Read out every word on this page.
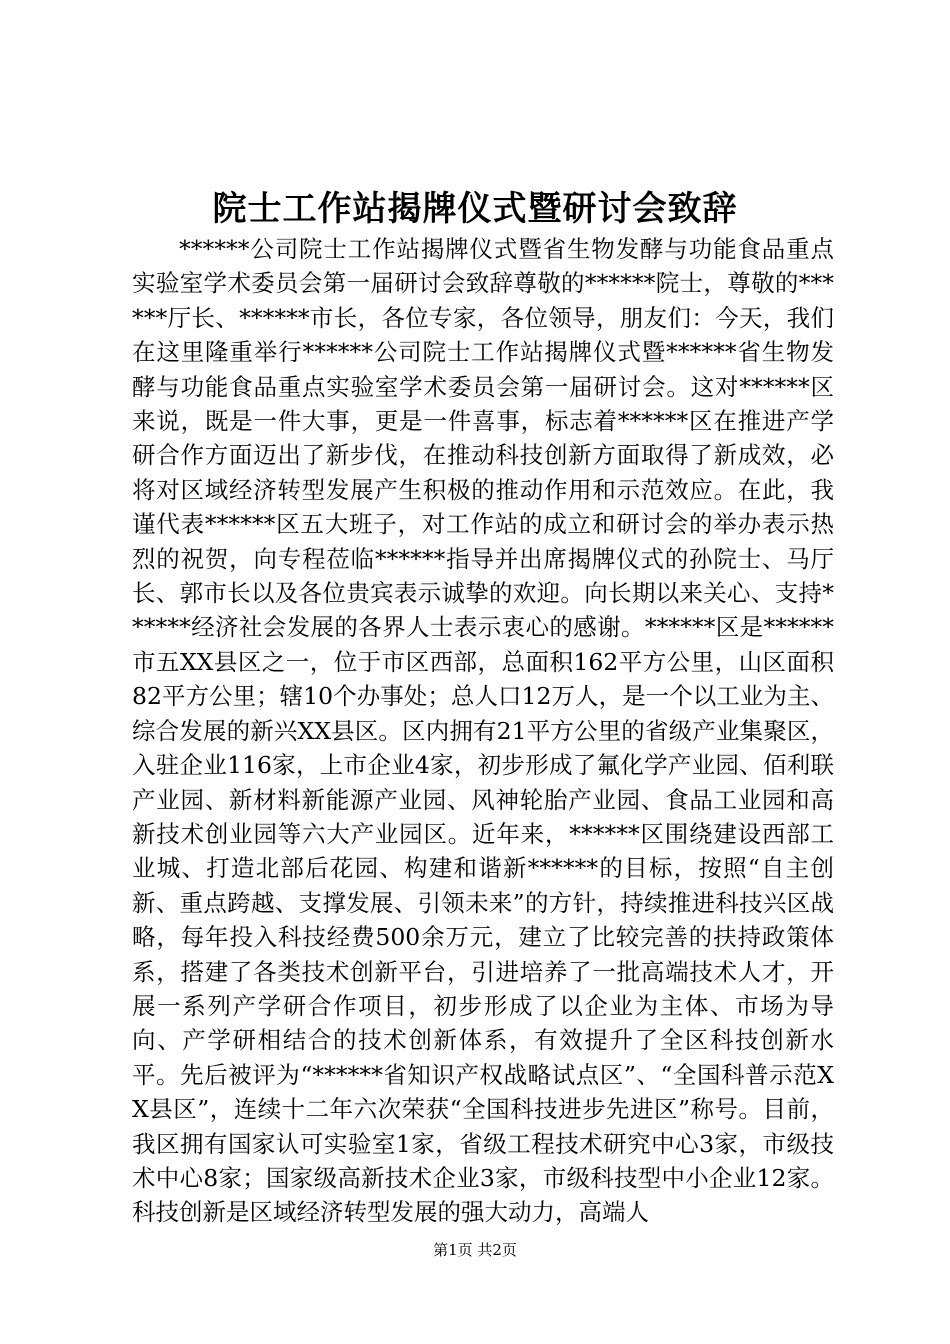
院士工作站揭牌仪式暨研讨会致辞

******公司院士工作站揭牌仪式暨省生物发酵与功能食品重点实验室学术委员会第一届研讨会致辞尊敬的******院士，尊敬的******厅长、******市长，各位专家，各位领导，朋友们：今天，我们在这里隆重举行******公司院士工作站揭牌仪式暨******省生物发酵与功能食品重点实验室学术委员会第一届研讨会。这对******区来说，既是一件大事，更是一件喜事，标志着******区在推进产学研合作方面迈出了新步伐，在推动科技创新方面取得了新成效，必将对区域经济转型发展产生积极的推动作用和示范效应。在此，我谨代表******区五大班子，对工作站的成立和研讨会的举办表示热烈的祝贺，向专程莅临******指导并出席揭牌仪式的孙院士、马厅长、郭市长以及各位贵宾表示诚挚的欢迎。向长期以来关心、支持******经济社会发展的各界人士表示衷心的感谢。******区是******市五XX县区之一，位于市区西部，总面积162平方公里，山区面积82平方公里；辖10个办事处；总人口12万人，是一个以工业为主、综合发展的新兴XX县区。区内拥有21平方公里的省级产业集聚区，入驻企业116家，上市企业4家，初步形成了氟化学产业园、佰利联产业园、新材料新能源产业园、风神轮胎产业园、食品工业园和高新技术创业园等六大产业园区。近年来，******区围绕建设西部工业城、打造北部后花园、构建和谐新******的目标，按照“自主创新、重点跨越、支撑发展、引领未来”的方针，持续推进科技兴区战略，每年投入科技经费500余万元，建立了比较完善的扶持政策体系，搭建了各类技术创新平台，引进培养了一批高端技术人才，开展一系列产学研合作项目，初步形成了以企业为主体、市场为导向、产学研相结合的技术创新体系，有效提升了全区科技创新水平。先后被评为“******省知识产权战略试点区”、“全国科普示范XX县区”，连续十二年六次荣获“全国科技进步先进区”称号。目前，我区拥有国家认可实验室1家，省级工程技术研究中心3家，市级技术中心8家；国家级高新技术企业3家，市级科技型中小企业12家。科技创新是区域经济转型发展的强大动力，高端人

第1页 共2页
